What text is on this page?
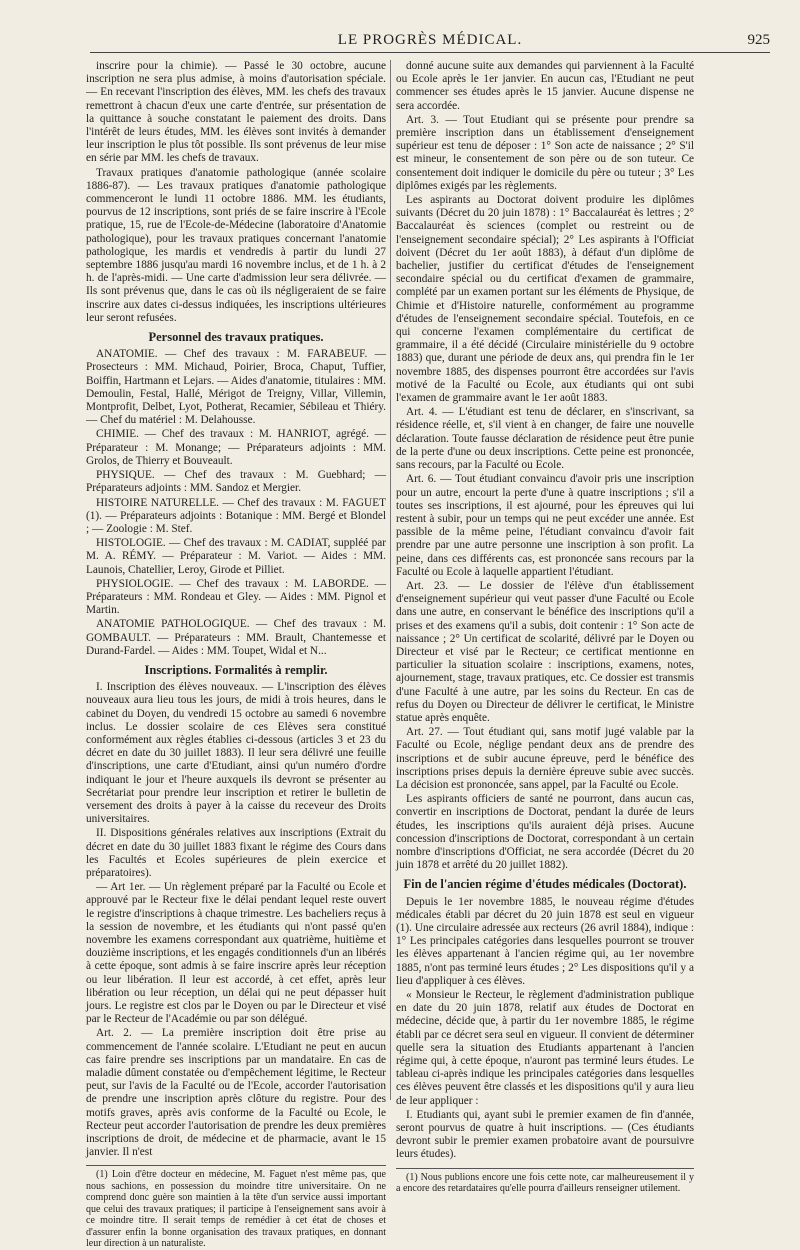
LE PROGRÈS MÉDICAL.	925

inscrire pour la chimie). — Passé le 30 octobre, aucune inscription ne sera plus admise, à moins d'autorisation spéciale. — En recevant l'inscription des élèves, MM. les chefs des travaux remettront à chacun d'eux une carte d'entrée, sur présentation de la quittance à souche constatant le paiement des droits. Dans l'intérêt de leurs études, MM. les élèves sont invités à demander leur inscription le plus tôt possible. Ils sont prévenus de leur mise en série par MM. les chefs de travaux.

Travaux pratiques d'anatomie pathologique (année scolaire 1886-87). — Les travaux pratiques d'anatomie pathologique commenceront le lundi 11 octobre 1886. MM. les étudiants, pourvus de 12 inscriptions, sont priés de se faire inscrire à l'Ecole pratique, 15, rue de l'Ecole-de-Médecine (laboratoire d'Anatomie pathologique), pour les travaux pratiques concernant l'anatomie pathologique, les mardis et vendredis à partir du lundi 27 septembre 1886 jusqu'au mardi 16 novembre inclus, et de 1 h. à 2 h. de l'après-midi. — Une carte d'admission leur sera délivrée. — Ils sont prévenus que, dans le cas où ils négligeraient de se faire inscrire aux dates ci-dessus indiquées, les inscriptions ultérieures leur seront refusées.

Personnel des travaux pratiques.

ANATOMIE. — Chef des travaux : M. FARABEUF. — Prosecteurs : MM. Michaud, Poirier, Broca, Chaput, Tuffier, Boiffin, Hartmann et Lejars. — Aides d'anatomie, titulaires : MM. Demoulin, Festal, Hallé, Mérigot de Treigny, Villar, Villemin, Montprofit, Delbet, Lyot, Potherat, Recamier, Sébileau et Thiéry. — Chef du matériel : M. Delahousse.

CHIMIE. — Chef des travaux : M. HANRIOT, agrégé. — Préparateur : M. Monange; — Préparateurs adjoints : MM. Grolos, de Thierry et Bouveault.

PHYSIQUE. — Chef des travaux : M. Guebhard; — Préparateurs adjoints : MM. Sandoz et Mergier.

HISTOIRE NATURELLE. — Chef des travaux : M. FAGUET (1). — Préparateurs adjoints : Botanique : MM. Bergé et Blondel ; — Zoologie : M. Stef.

HISTOLOGIE. — Chef des travaux : M. CADIAT, suppléé par M. A. RÉMY. — Préparateur : M. Variot. — Aides : MM. Launois, Chatellier, Leroy, Girode et Pilliet.

PHYSIOLOGIE. — Chef des travaux : M. LABORDE. — Préparateurs : MM. Rondeau et Gley. — Aides : MM. Pignol et Martin.

ANATOMIE PATHOLOGIQUE. — Chef des travaux : M. GOMBAULT. — Préparateurs : MM. Brault, Chantemesse et Durand-Fardel. — Aides : MM. Toupet, Widal et N...

Inscriptions. Formalités à remplir.

I. Inscription des élèves nouveaux. — L'inscription des élèves nouveaux aura lieu tous les jours, de midi à trois heures, dans le cabinet du Doyen, du vendredi 15 octobre au samedi 6 novembre inclus. Le dossier scolaire de ces Elèves sera constitué conformément aux règles établies ci-dessous (articles 3 et 23 du décret en date du 30 juillet 1883). Il leur sera délivré une feuille d'inscriptions, une carte d'Etudiant, ainsi qu'un numéro d'ordre indiquant le jour et l'heure auxquels ils devront se présenter au Secrétariat pour prendre leur inscription et retirer le bulletin de versement des droits à payer à la caisse du receveur des Droits universitaires.

II. Dispositions générales relatives aux inscriptions (Extrait du décret en date du 30 juillet 1883 fixant le régime des Cours dans les Facultés et Ecoles supérieures de plein exercice et préparatoires).

— Art 1er. — Un règlement préparé par la Faculté ou Ecole et approuvé par le Recteur fixe le délai pendant lequel reste ouvert le registre d'inscriptions à chaque trimestre. Les bacheliers reçus à la session de novembre, et les étudiants qui n'ont passé qu'en novembre les examens correspondant aux quatrième, huitième et douzième inscriptions, et les engagés conditionnels d'un an libérés à cette époque, sont admis à se faire inscrire après leur réception ou leur libération. Il leur est accordé, à cet effet, après leur libération ou leur réception, un délai qui ne peut dépasser huit jours. Le registre est clos par le Doyen ou par le Directeur et visé par le Recteur de l'Académie ou par son délégué.

Art. 2. — La première inscription doit être prise au commencement de l'année scolaire. L'Etudiant ne peut en aucun cas faire prendre ses inscriptions par un mandataire. En cas de maladie dûment constatée ou d'empêchement légitime, le Recteur peut, sur l'avis de la Faculté ou de l'Ecole, accorder l'autorisation de prendre une inscription après clôture du registre. Pour des motifs graves, après avis conforme de la Faculté ou Ecole, le Recteur peut accorder l'autorisation de prendre les deux premières inscriptions de droit, de médecine et de pharmacie, avant le 15 janvier. Il n'est

(1) Loin d'être docteur en médecine, M. Faguet n'est même pas, que nous sachions, en possession du moindre titre universitaire. On ne comprend donc guère son maintien à la tête d'un service aussi important que celui des travaux pratiques; il participe à l'enseignement sans avoir à ce moindre titre. Il serait temps de remédier à cet état de choses et d'assurer enfin la bonne organisation des travaux pratiques, en donnant leur direction à un naturaliste.

donné aucune suite aux demandes qui parviennent à la Faculté ou Ecole après le 1er janvier. En aucun cas, l'Etudiant ne peut commencer ses études après le 15 janvier. Aucune dispense ne sera accordée.

Art. 3. — Tout Etudiant qui se présente pour prendre sa première inscription dans un établissement d'enseignement supérieur est tenu de déposer : 1° Son acte de naissance ; 2° S'il est mineur, le consentement de son père ou de son tuteur. Ce consentement doit indiquer le domicile du père ou tuteur ; 3° Les diplômes exigés par les règlements.

Les aspirants au Doctorat doivent produire les diplômes suivants (Décret du 20 juin 1878) : 1° Baccalauréat ès lettres ; 2° Baccalauréat ès sciences (complet ou restreint ou de l'enseignement secondaire spécial); 2° Les aspirants à l'Officiat doivent (Décret du 1er août 1883), à défaut d'un diplôme de bachelier, justifier du certificat d'études de l'enseignement secondaire spécial ou du certificat d'examen de grammaire, complété par un examen portant sur les éléments de Physique, de Chimie et d'Histoire naturelle, conformément au programme d'études de l'enseignement secondaire spécial. Toutefois, en ce qui concerne l'examen complémentaire du certificat de grammaire, il a été décidé (Circulaire ministérielle du 9 octobre 1883) que, durant une période de deux ans, qui prendra fin le 1er novembre 1885, des dispenses pourront être accordées sur l'avis motivé de la Faculté ou Ecole, aux étudiants qui ont subi l'examen de grammaire avant le 1er août 1883.

Art. 4. — L'étudiant est tenu de déclarer, en s'inscrivant, sa résidence réelle, et, s'il vient à en changer, de faire une nouvelle déclaration. Toute fausse déclaration de résidence peut être punie de la perte d'une ou deux inscriptions. Cette peine est prononcée, sans recours, par la Faculté ou Ecole.

Art. 6. — Tout étudiant convaincu d'avoir pris une inscription pour un autre, encourt la perte d'une à quatre inscriptions ; s'il a toutes ses inscriptions, il est ajourné, pour les épreuves qui lui restent à subir, pour un temps qui ne peut excéder une année. Est passible de la même peine, l'étudiant convaincu d'avoir fait prendre par une autre personne une inscription à son profit. La peine, dans ces différents cas, est prononcée sans recours par la Faculté ou Ecole à laquelle appartient l'étudiant.

Art. 23. — Le dossier de l'élève d'un établissement d'enseignement supérieur qui veut passer d'une Faculté ou Ecole dans une autre, en conservant le bénéfice des inscriptions qu'il a prises et des examens qu'il a subis, doit contenir : 1° Son acte de naissance ; 2° Un certificat de scolarité, délivré par le Doyen ou Directeur et visé par le Recteur; ce certificat mentionne en particulier la situation scolaire : inscriptions, examens, notes, ajournement, stage, travaux pratiques, etc. Ce dossier est transmis d'une Faculté à une autre, par les soins du Recteur. En cas de refus du Doyen ou Directeur de délivrer le certificat, le Ministre statue après enquête.

Art. 27. — Tout étudiant qui, sans motif jugé valable par la Faculté ou Ecole, néglige pendant deux ans de prendre des inscriptions et de subir aucune épreuve, perd le bénéfice des inscriptions prises depuis la dernière épreuve subie avec succès. La décision est prononcée, sans appel, par la Faculté ou Ecole.

Les aspirants officiers de santé ne pourront, dans aucun cas, convertir en inscriptions de Doctorat, pendant la durée de leurs études, les inscriptions qu'ils auraient déjà prises. Aucune concession d'inscriptions de Doctorat, correspondant à un certain nombre d'inscriptions d'Officiat, ne sera accordée (Décret du 20 juin 1878 et arrêté du 20 juillet 1882).

Fin de l'ancien régime d'études médicales (Doctorat).

Depuis le 1er novembre 1885, le nouveau régime d'études médicales établi par décret du 20 juin 1878 est seul en vigueur (1). Une circulaire adressée aux recteurs (26 avril 1884), indique : 1° Les principales catégories dans lesquelles pourront se trouver les élèves appartenant à l'ancien régime qui, au 1er novembre 1885, n'ont pas terminé leurs études ; 2° Les dispositions qu'il y a lieu d'appliquer à ces élèves.

« Monsieur le Recteur, le règlement d'administration publique en date du 20 juin 1878, relatif aux études de Doctorat en médecine, décide que, à partir du 1er novembre 1885, le régime établi par ce décret sera seul en vigueur. Il convient de déterminer quelle sera la situation des Etudiants appartenant à l'ancien régime qui, à cette époque, n'auront pas terminé leurs études. Le tableau ci-après indique les principales catégories dans lesquelles ces élèves peuvent être classés et les dispositions qu'il y aura lieu de leur appliquer :

I. Etudiants qui, ayant subi le premier examen de fin d'année, seront pourvus de quatre à huit inscriptions. — (Ces étudiants devront subir le premier examen probatoire avant de poursuivre leurs études).

(1) Nous publions encore une fois cette note, car malheureusement il y a encore des retardataires qu'elle pourra d'ailleurs renseigner utilement.
